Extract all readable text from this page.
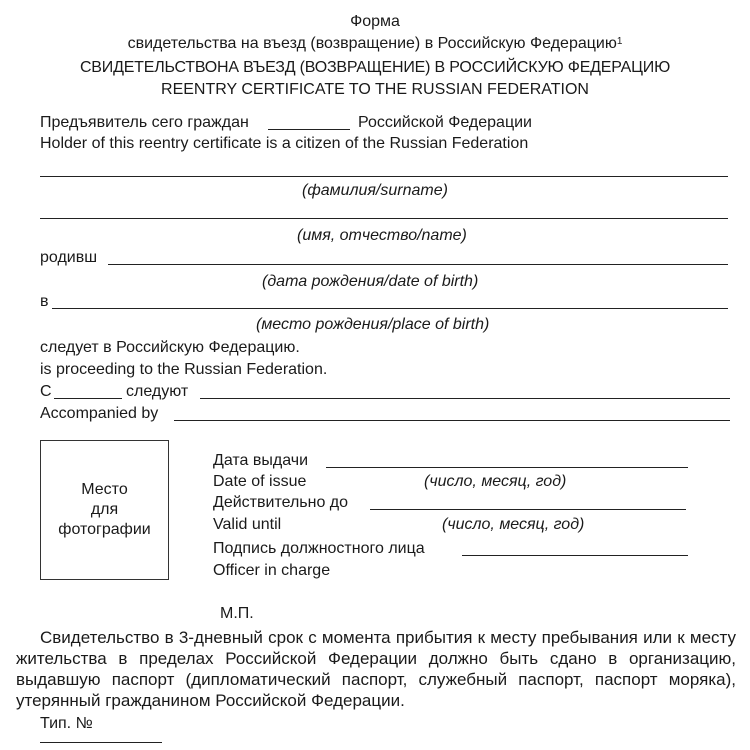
Форма
свидетельства на въезд (возвращение) в Российскую Федерацию$^1$
СВИДЕТЕЛЬСТВОНА ВЪЕЗД (ВОЗВРАЩЕНИЕ) В РОССИЙСКУЮ ФЕДЕРАЦИЮ
REENTRY CERTIFICATE TO THE RUSSIAN FEDERATION
Предъявитель сего граждан	Российской Федерации
Holder of this reentry certificate is a citizen of the Russian Federation
(фамилия/surname)
(имя, отчество/name)
родивш
(дата рождения/date of birth)
в
(место рождения/place of birth)
следует в Российскую Федерацию.
is proceeding to the Russian Federation.
С	следуют
Accompanied by
Место
для
фотографии
Дата выдачи
Date of issue	(число, месяц, год)
Действительно до
Valid until	(число, месяц, год)
Подпись должностного лица
Officer in charge
М.П.
Свидетельство в 3-дневный срок с момента прибытия к месту пребывания или к месту жительства в пределах Российской Федерации должно быть сдано в организацию, выдавшую паспорт (дипломатический паспорт, служебный паспорт, паспорт моряка), утерянный гражданином Российской Федерации.
Тип. №
